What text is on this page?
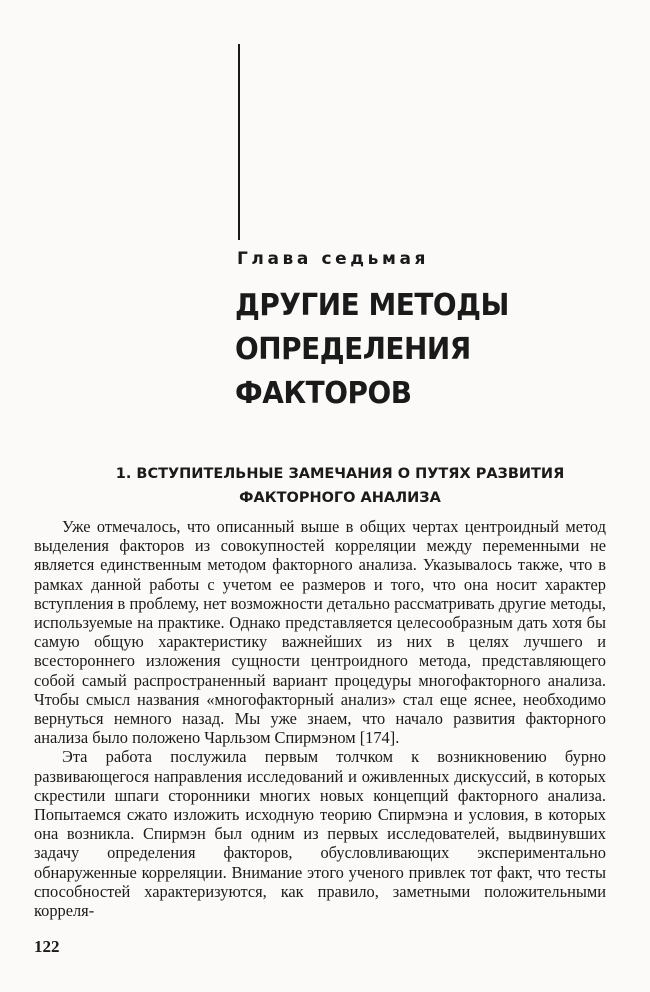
Глава седьмая
ДРУГИЕ МЕТОДЫ
ОПРЕДЕЛЕНИЯ
ФАКТОРОВ
1. ВСТУПИТЕЛЬНЫЕ ЗАМЕЧАНИЯ О ПУТЯХ РАЗВИТИЯ
ФАКТОРНОГО АНАЛИЗА

Уже отмечалось, что описанный выше в общих чертах центроидный метод выделения факторов из совокупностей корреляции между переменными не является единственным методом факторного анализа. Указывалось также, что в рамках данной работы с учетом ее размеров и того, что она носит характер вступления в проблему, нет возможности детально рассматривать другие методы, используемые на практике. Однако представляется целесообразным дать хотя бы самую общую характеристику важнейших из них в целях лучшего и всестороннего изложения сущности центроидного метода, представляющего собой самый распространенный вариант процедуры многофакторного анализа. Чтобы смысл названия «многофакторный анализ» стал еще яснее, необходимо вернуться немного назад. Мы уже знаем, что начало развития факторного анализа было положено Чарльзом Спирмэном [174].

Эта работа послужила первым толчком к возникновению бурно развивающегося направления исследований и оживленных дискуссий, в которых скрестили шпаги сторонники многих новых концепций факторного анализа. Попытаемся сжато изложить исходную теорию Спирмэна и условия, в которых она возникла. Спирмэн был одним из первых исследователей, выдвинувших задачу определения факторов, обусловливающих экспериментально обнаруженные корреляции. Внимание этого ученого привлек тот факт, что тесты способностей характеризуются, как правило, заметными положительными корреля-

122
